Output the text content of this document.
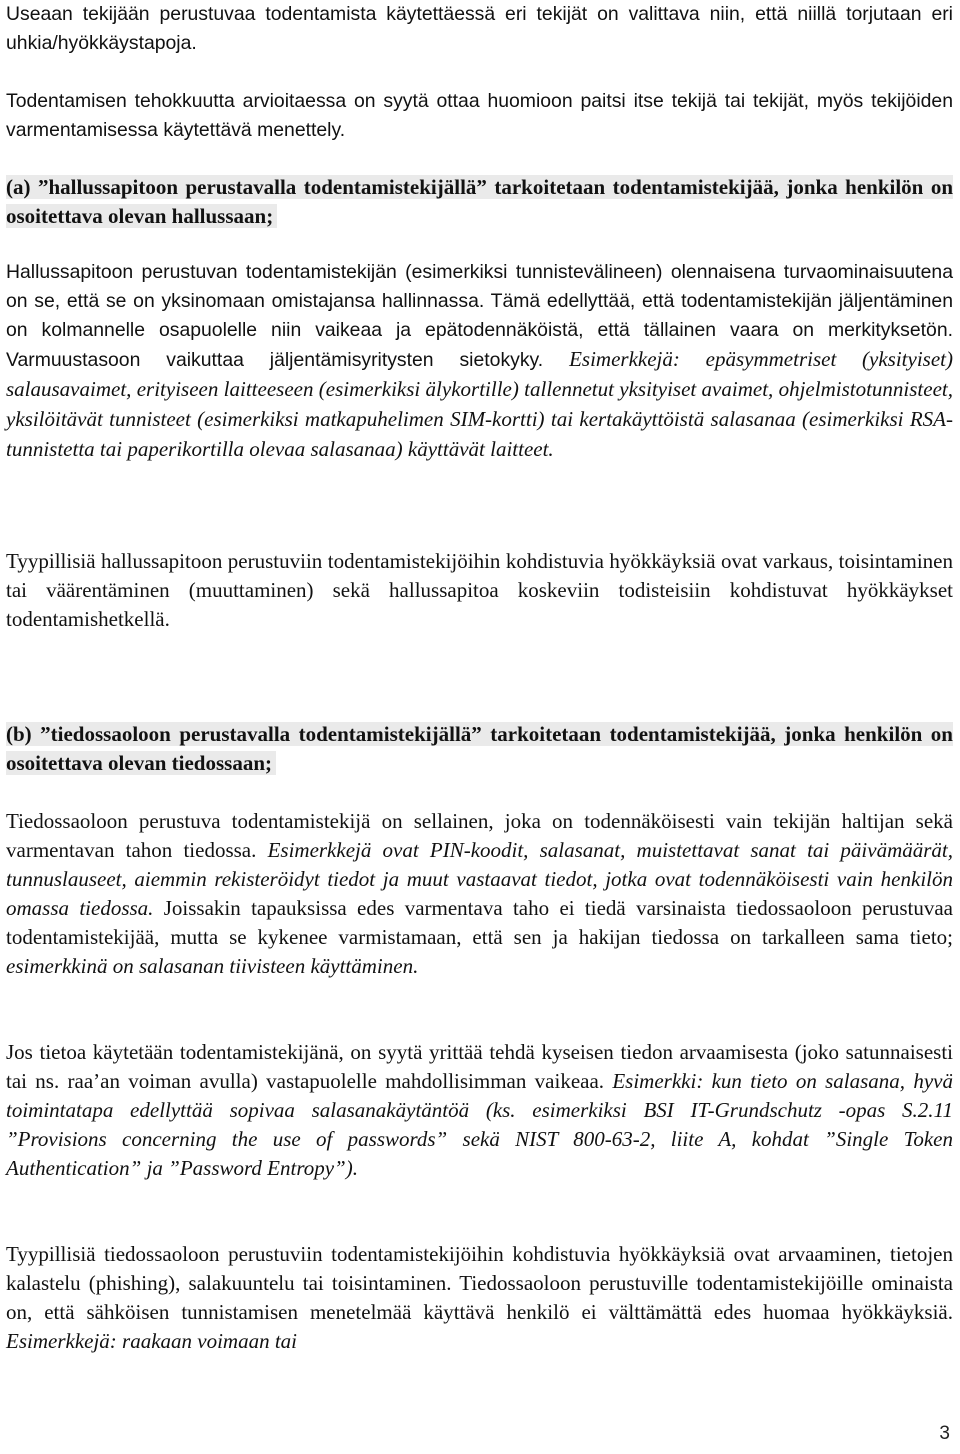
Useaan tekijään perustuvaa todentamista käytettäessä eri tekijät on valittava niin, että niillä torjutaan eri uhkia/hyökkäystapoja.

Todentamisen tehokkuutta arvioitaessa on syytä ottaa huomioon paitsi itse tekijä tai tekijät, myös tekijöiden varmentamisessa käytettävä menettely.

(a) ”hallussapitoon perustavalla todentamistekijällä” tarkoitetaan todentamistekijää, jonka henkilön on osoitettava olevan hallussaan;

Hallussapitoon perustuvan todentamistekijän (esimerkiksi tunnistevälineen) olennaisena turvaominaisuutena on se, että se on yksinomaan omistajansa hallinnassa. Tämä edellyttää, että todentamistekijän jäljentäminen on kolmannelle osapuolelle niin vaikeaa ja epätodennäköistä, että tällainen vaara on merkityksetön. Varmuustasoon vaikuttaa jäljentämisyritysten sietokyky. Esimerkkejä: epäsymmetriset (yksityiset) salausavaimet, erityiseen laitteeseen (esimerkiksi älykortille) tallennetut yksityiset avaimet, ohjelmistotunnisteet, yksilöitävät tunnisteet (esimerkiksi matkapuhelimen SIM-kortti) tai kertakäyttöistä salasanaa (esimerkiksi RSA-tunnistetta tai paperikortilla olevaa salasanaa) käyttävät laitteet.

Tyypillisiä hallussapitoon perustuviin todentamistekijöihin kohdistuvia hyökkäyksiä ovat varkaus, toisintaminen tai väärentäminen (muuttaminen) sekä hallussapitoa koskeviin todisteisiin kohdistuvat hyökkäykset todentamishetkellä.

(b) ”tiedossaoloon perustavalla todentamistekijällä” tarkoitetaan todentamistekijää, jonka henkilön on osoitettava olevan tiedossaan;

Tiedossaoloon perustuva todentamistekijä on sellainen, joka on todennäköisesti vain tekijän haltijan sekä varmentavan tahon tiedossa. Esimerkkejä ovat PIN-koodit, salasanat, muistettavat sanat tai päivämäärät, tunnuslauseet, aiemmin rekisteröidyt tiedot ja muut vastaavat tiedot, jotka ovat todennäköisesti vain henkilön omassa tiedossa. Joissakin tapauksissa edes varmentava taho ei tiedä varsinaista tiedossaoloon perustuvaa todentamistekijää, mutta se kykenee varmistamaan, että sen ja hakijan tiedossa on tarkalleen sama tieto; esimerkkinä on salasanan tiivisteen käyttäminen.

Jos tietoa käytetään todentamistekijänä, on syytä yrittää tehdä kyseisen tiedon arvaamisesta (joko satunnaisesti tai ns. raa’an voiman avulla) vastapuolelle mahdollisimman vaikeaa. Esimerkki: kun tieto on salasana, hyvä toimintatapa edellyttää sopivaa salasanakäytäntöä (ks. esimerkiksi BSI IT-Grundschutz -opas S.2.11 ”Provisions concerning the use of passwords” sekä NIST 800-63-2, liite A, kohdat ”Single Token Authentication” ja ”Password Entropy”).

Tyypillisiä tiedossaoloon perustuviin todentamistekijöihin kohdistuvia hyökkäyksiä ovat arvaaminen, tietojen kalastelu (phishing), salakuuntelu tai toisintaminen. Tiedossaoloon perustuville todentamistekijöille ominaista on, että sähköisen tunnistamisen menetelmää käyttävä henkilö ei välttämättä edes huomaa hyökkäyksiä. Esimerkkejä: raakaan voimaan tai

3
